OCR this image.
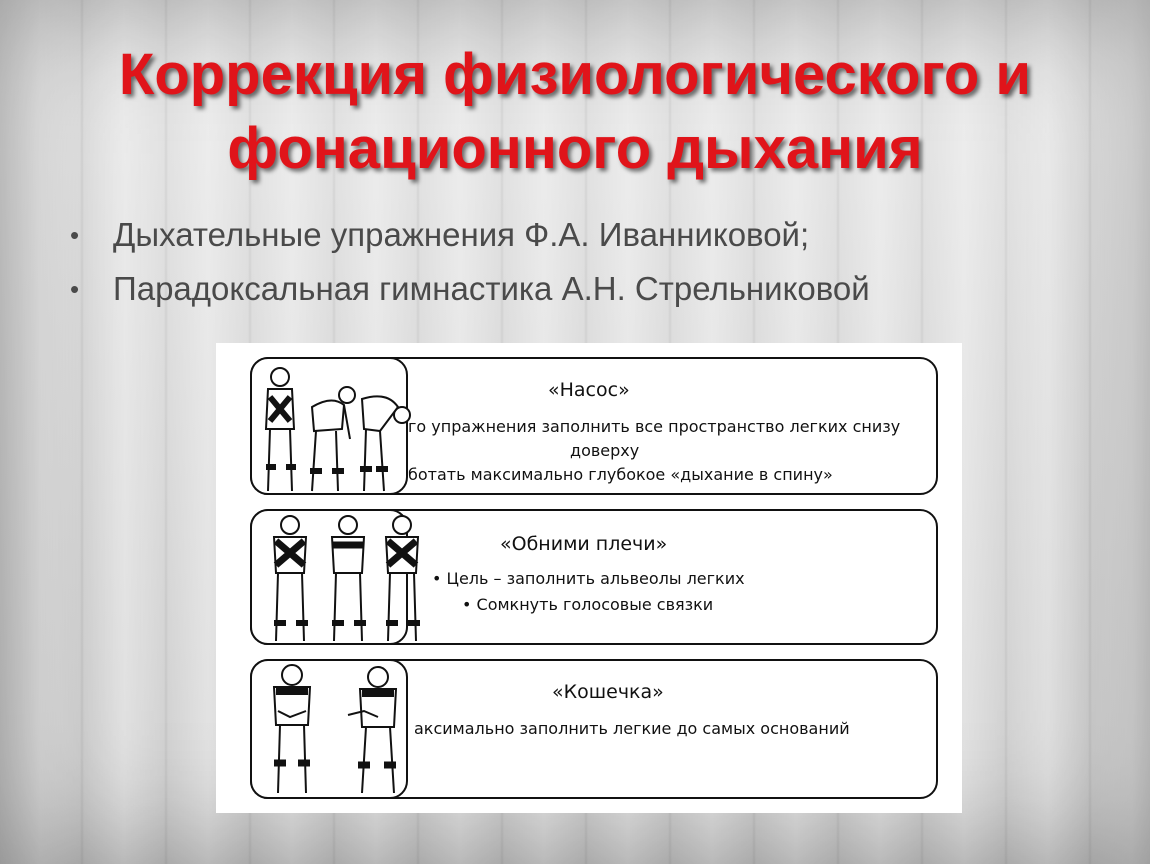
Коррекция физиологического и
фонационного дыхания
• Дыхательные упражнения Ф.А. Иванниковой;
• Парадоксальная гимнастика А.Н. Стрельниковой
«Насос»
го упражнения заполнить все пространство легких снизу
доверху
ботать максимально глубокое «дыхание в спину»
«Обними плечи»
• Цель – заполнить альвеолы легких
• Сомкнуть голосовые связки
«Кошечка»
аксимально заполнить легкие до самых оснований
